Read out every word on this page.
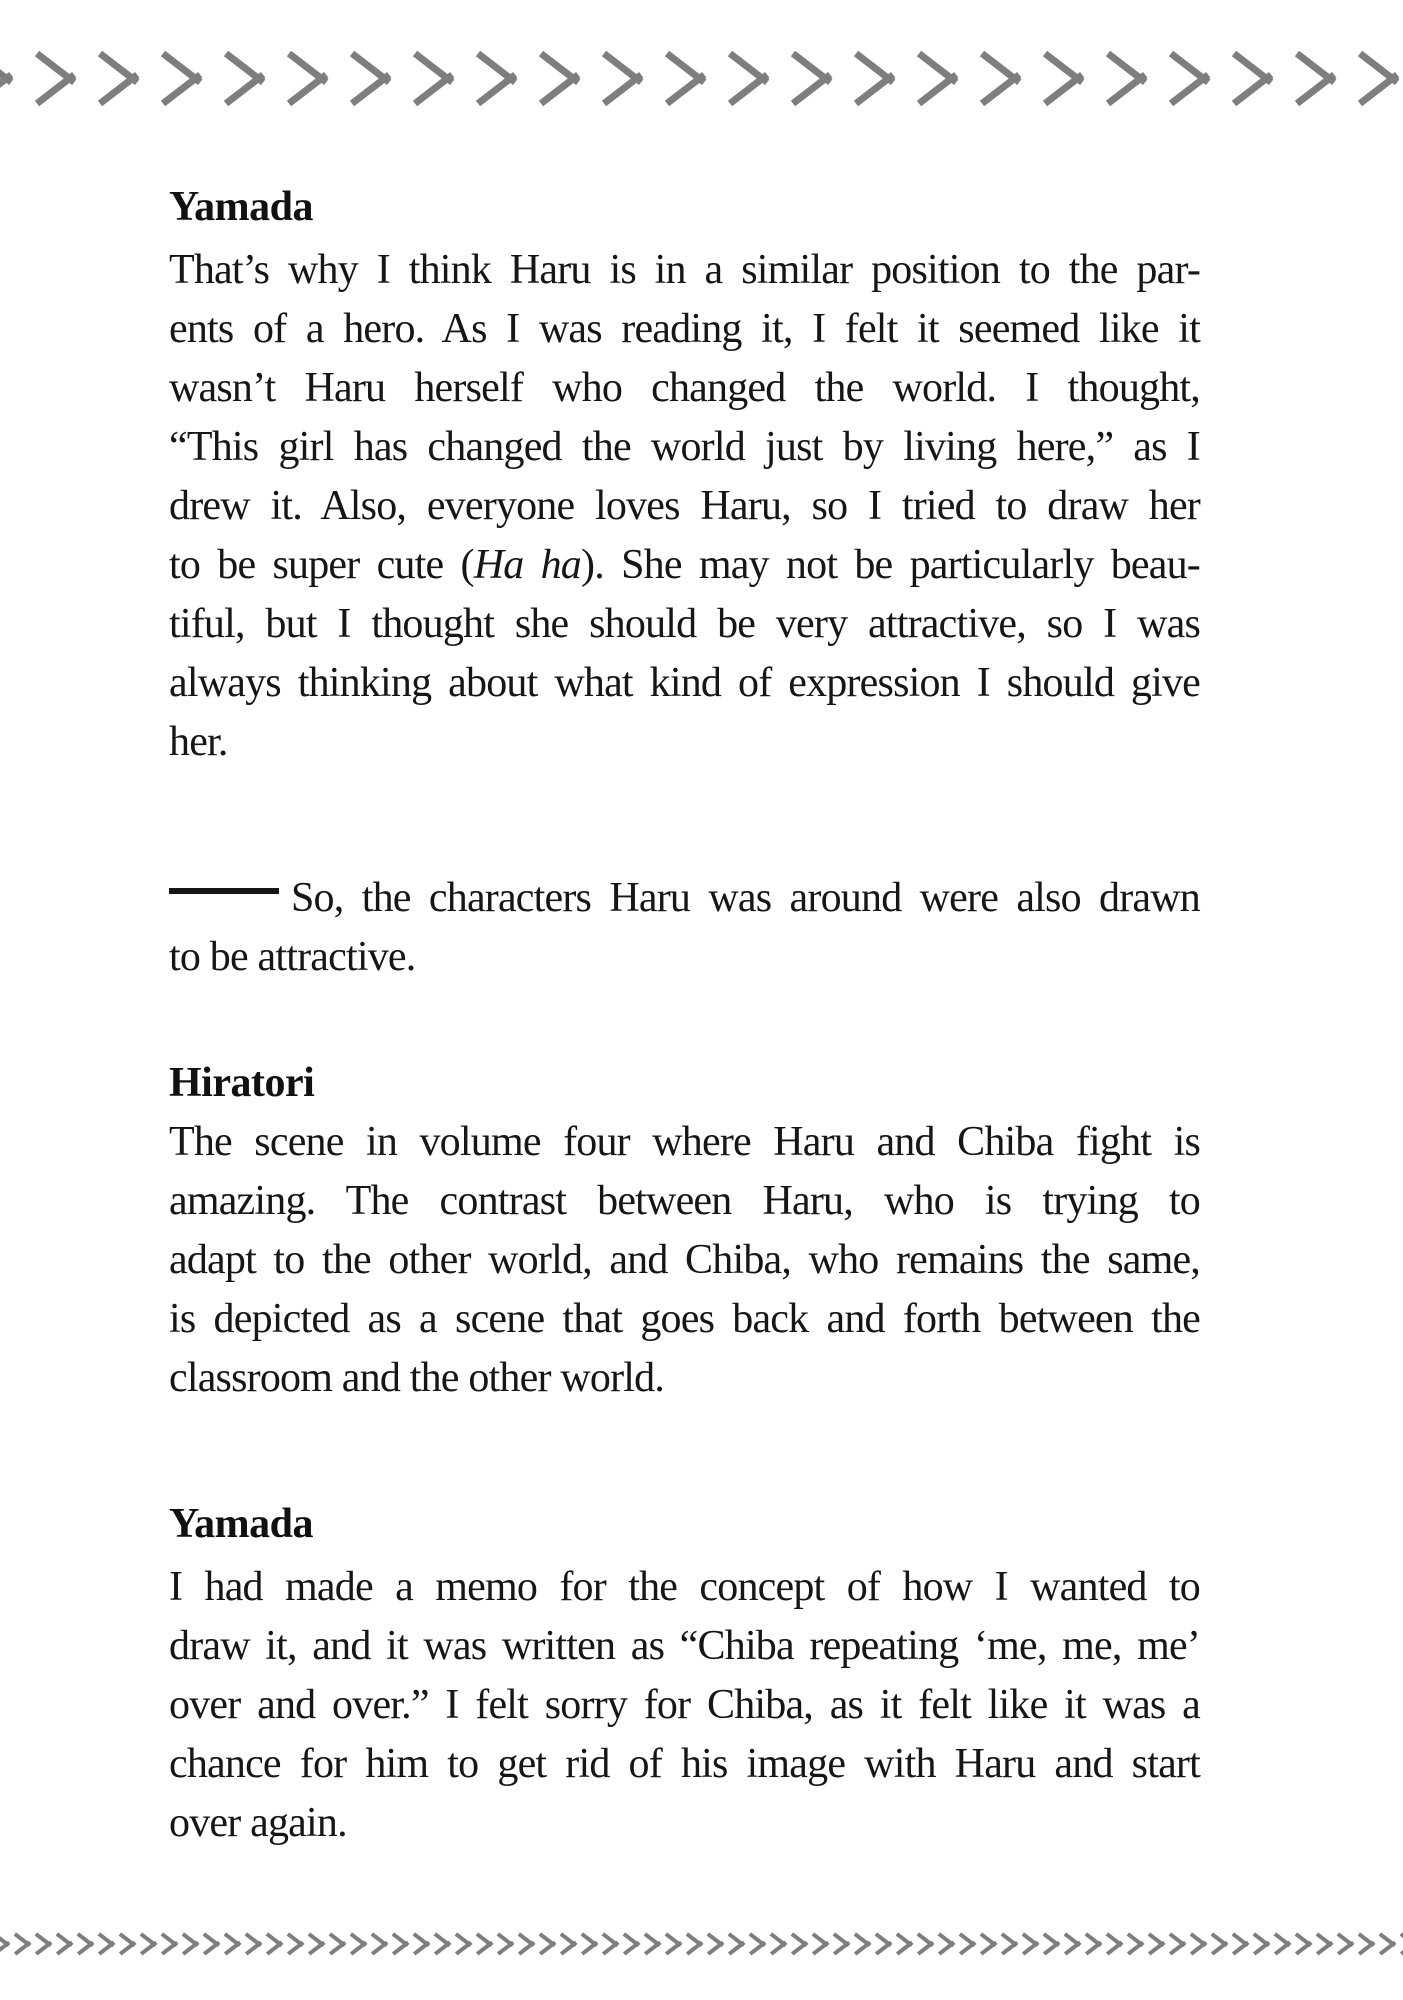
Yamada
That’s why I think Haru is in a similar position to the par-
ents of a hero. As I was reading it, I felt it seemed like it
wasn’t Haru herself who changed the world. I thought,
“This girl has changed the world just by living here,” as I
drew it. Also, everyone loves Haru, so I tried to draw her
to be super cute (Ha ha). She may not be particularly beau-
tiful, but I thought she should be very attractive, so I was
always thinking about what kind of expression I should give
her.
So, the characters Haru was around were also drawn
to be attractive.
Hiratori
The scene in volume four where Haru and Chiba fight is
amazing. The contrast between Haru, who is trying to
adapt to the other world, and Chiba, who remains the same,
is depicted as a scene that goes back and forth between the
classroom and the other world.
Yamada
I had made a memo for the concept of how I wanted to
draw it, and it was written as “Chiba repeating ‘me, me, me’
over and over.” I felt sorry for Chiba, as it felt like it was a
chance for him to get rid of his image with Haru and start
over again.
